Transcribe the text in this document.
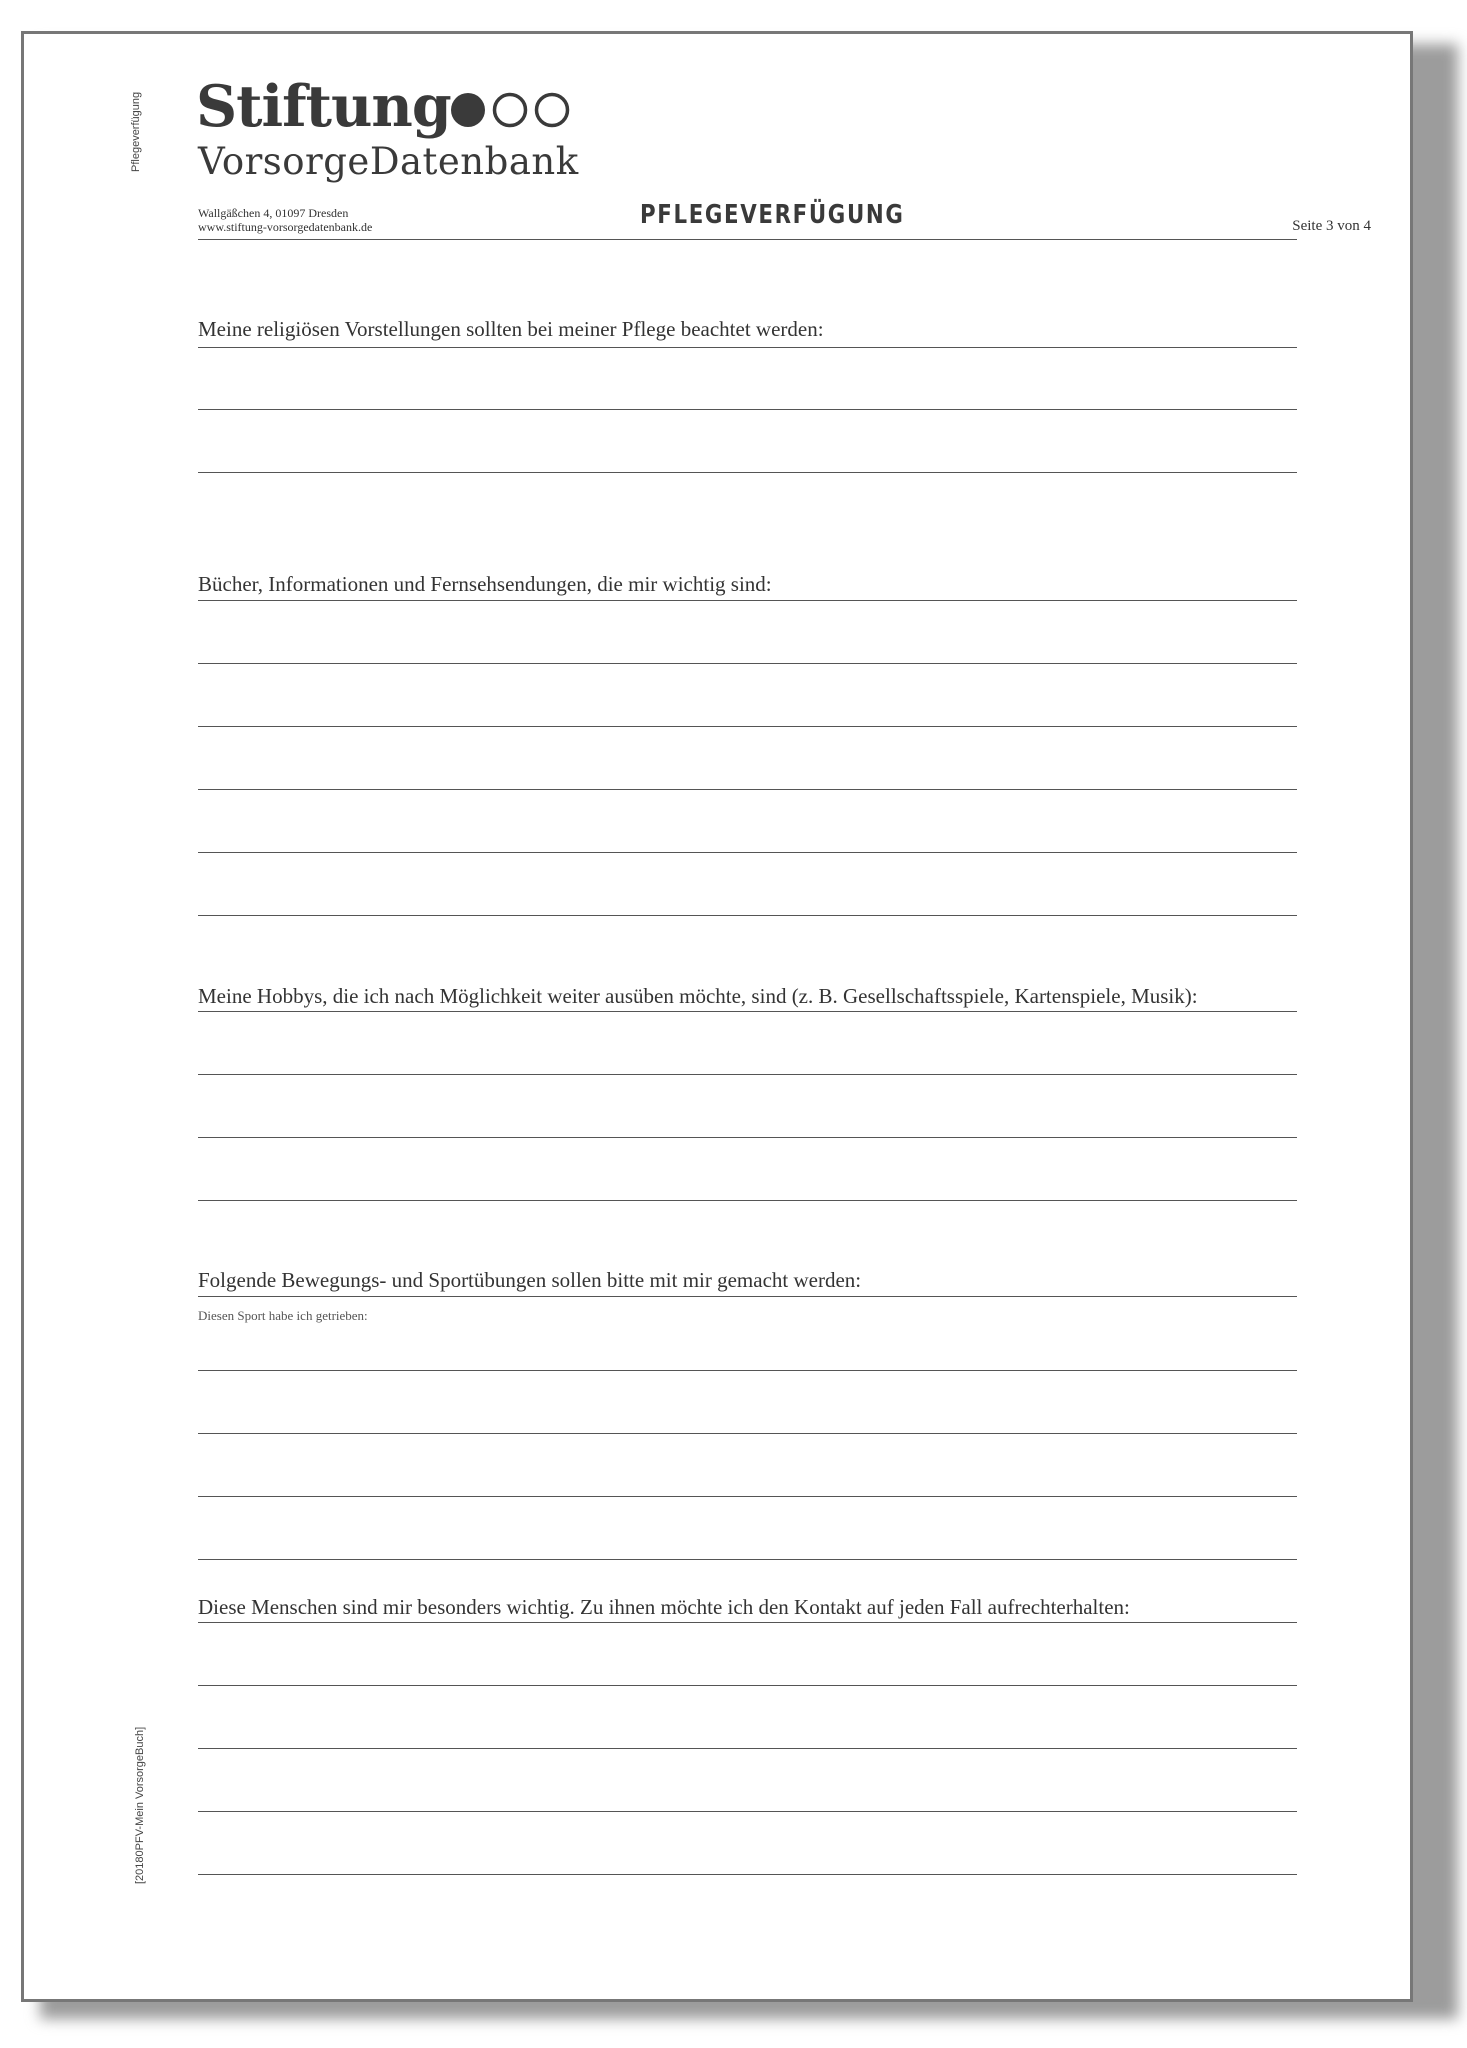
Pflegeverfügung
[20180PFV-Mein VorsorgeBuch]
Stiftung
VorsorgeDatenbank
Wallgäßchen 4, 01097 Dresden
www.stiftung-vorsorgedatenbank.de	PFLEGEVERFÜGUNG	Seite 3 von 4
Meine religiösen Vorstellungen sollten bei meiner Pflege beachtet werden:
Bücher, Informationen und Fernsehsendungen, die mir wichtig sind:
Meine Hobbys, die ich nach Möglichkeit weiter ausüben möchte, sind (z. B. Gesellschaftsspiele, Kartenspiele, Musik):
Folgende Bewegungs- und Sportübungen sollen bitte mit mir gemacht werden:
Diesen Sport habe ich getrieben:
Diese Menschen sind mir besonders wichtig. Zu ihnen möchte ich den Kontakt auf jeden Fall aufrechterhalten:
